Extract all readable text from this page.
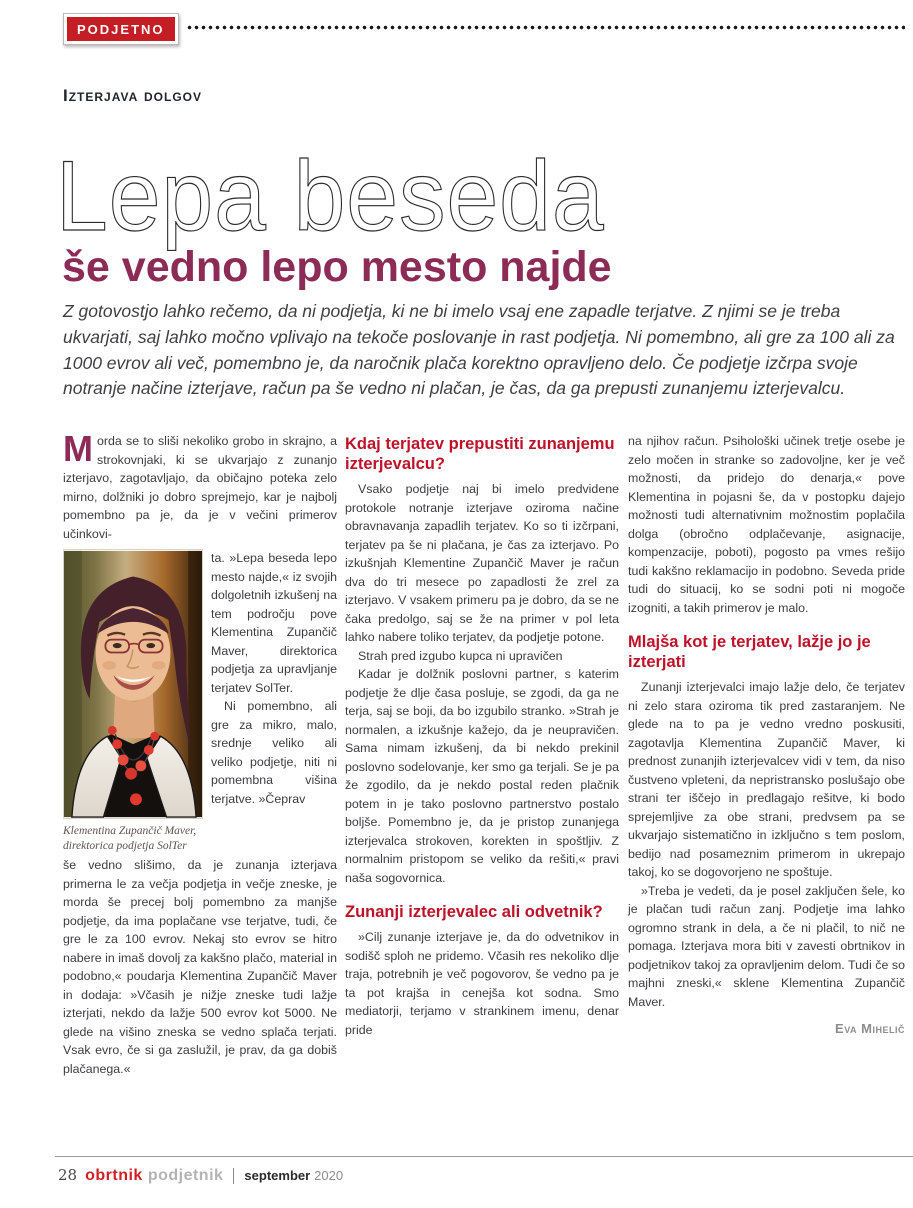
PODJETNO
Izterjava dolgov
Lepa beseda
še vedno lepo mesto najde
Z gotovostjo lahko rečemo, da ni podjetja, ki ne bi imelo vsaj ene zapadle terjatve. Z njimi se je treba ukvarjati, saj lahko močno vplivajo na tekoče poslovanje in rast podjetja. Ni pomembno, ali gre za 100 ali za 1000 evrov ali več, pomembno je, da naročnik plača korektno opravljeno delo. Če podjetje izčrpa svoje notranje načine izterjave, račun pa še vedno ni plačan, je čas, da ga prepusti zunanjemu izterjevalcu.

Morda se to sliši nekoliko grobo in skrajno, a strokovnjaki, ki se ukvarjajo z zunanjo izterjavo, zagotavljajo, da običajno poteka zelo mirno, dolžniki jo dobro sprejmejo, kar je najbolj pomembno pa je, da je v večini primerov učinkovi-

Klementina Zupančič Maver,
direktorica podjetja SolTer

ta. »Lepa beseda lepo mesto najde,« iz svojih dolgoletnih izkušenj na tem področju pove Klementina Zupančič Maver, direktorica podjetja za upravljanje terjatev SolTer.

Ni pomembno, ali gre za mikro, malo, srednje veliko ali veliko podjetje, niti ni pomembna višina terjatve. »Čeprav

še vedno slišimo, da je zunanja izterjava primerna le za večja podjetja in večje zneske, je morda še precej bolj pomembno za manjše podjetje, da ima poplačane vse terjatve, tudi, če gre le za 100 evrov. Nekaj sto evrov se hitro nabere in imaš dovolj za kakšno plačo, material in podobno,« poudarja Klementina Zupančič Maver in dodaja: »Včasih je nižje zneske tudi lažje izterjati, nekdo da lažje 500 evrov kot 5000. Ne glede na višino zneska se vedno splača terjati. Vsak evro, če si ga zaslužil, je prav, da ga dobiš plačanega.«

Kdaj terjatev prepustiti zunanjemu izterjevalcu?

Vsako podjetje naj bi imelo predvidene protokole notranje izterjave oziroma načine obravnavanja zapadlih terjatev. Ko so ti izčrpani, terjatev pa še ni plačana, je čas za izterjavo. Po izkušnjah Klementine Zupančič Maver je račun dva do tri mesece po zapadlosti že zrel za izterjavo. V vsakem primeru pa je dobro, da se ne čaka predolgo, saj se že na primer v pol leta lahko nabere toliko terjatev, da podjetje potone.

Strah pred izgubo kupca ni upravičen

Kadar je dolžnik poslovni partner, s katerim podjetje že dlje časa posluje, se zgodi, da ga ne terja, saj se boji, da bo izgubilo stranko. »Strah je normalen, a izkušnje kažejo, da je neupravičen. Sama nimam izkušenj, da bi nekdo prekinil poslovno sodelovanje, ker smo ga terjali. Se je pa že zgodilo, da je nekdo postal reden plačnik potem in je tako poslovno partnerstvo postalo boljše. Pomembno je, da je pristop zunanjega izterjevalca strokoven, korekten in spoštljiv. Z normalnim pristopom se veliko da rešiti,« pravi naša sogovornica.

Zunanji izterjevalec ali odvetnik?

»Cilj zunanje izterjave je, da do odvetnikov in sodišč sploh ne pridemo. Včasih res nekoliko dlje traja, potrebnih je več pogovorov, še vedno pa je ta pot krajša in cenejša kot sodna. Smo mediatorji, terjamo v strankinem imenu, denar pride

na njihov račun. Psihološki učinek tretje osebe je zelo močen in stranke so zadovoljne, ker je več možnosti, da pridejo do denarja,« pove Klementina in pojasni še, da v postopku dajejo možnosti tudi alternativnim možnostim poplačila dolga (obročno odplačevanje, asignacije, kompenzacije, poboti), pogosto pa vmes rešijo tudi kakšno reklamacijo in podobno. Seveda pride tudi do situacij, ko se sodni poti ni mogoče izogniti, a takih primerov je malo.

Mlajša kot je terjatev, lažje jo je izterjati

Zunanji izterjevalci imajo lažje delo, če terjatev ni zelo stara oziroma tik pred zastaranjem. Ne glede na to pa je vedno vredno poskusiti, zagotavlja Klementina Zupančič Maver, ki prednost zunanjih izterjevalcev vidi v tem, da niso čustveno vpleteni, da nepristransko poslušajo obe strani ter iščejo in predlagajo rešitve, ki bodo sprejemljive za obe strani, predvsem pa se ukvarjajo sistematično in izključno s tem poslom, bedijo nad posameznim primerom in ukrepajo takoj, ko se dogovorjeno ne spoštuje.

»Treba je vedeti, da je posel zaključen šele, ko je plačan tudi račun zanj. Podjetje ima lahko ogromno strank in dela, a če ni plačil, to nič ne pomaga. Izterjava mora biti v zavesti obrtnikov in podjetnikov takoj za opravljenim delom. Tudi če so majhni zneski,« sklene Klementina Zupančič Maver.

Eva Mihelič
28 obrtnik podjetnik september 2020
